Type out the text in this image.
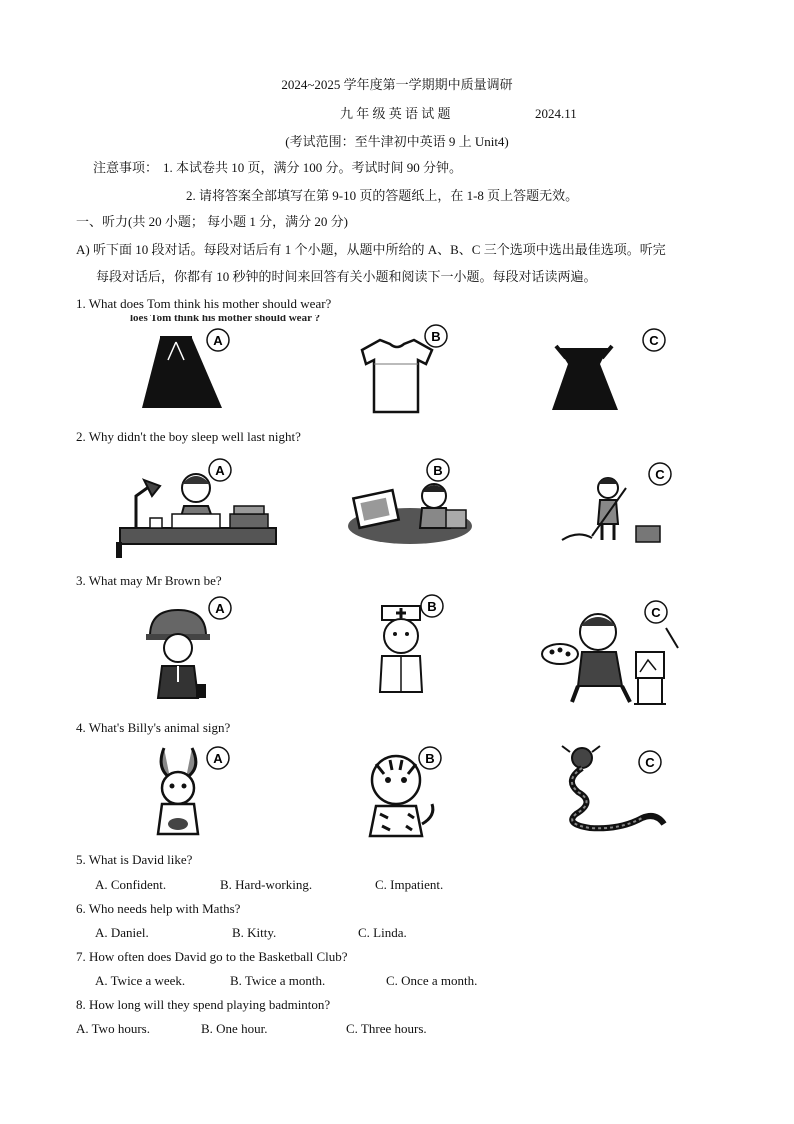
2024~2025 学年度第一学期期中质量调研
九 年 级 英 语 试 题	2024.11
(考试范围：至牛津初中英语 9 上 Unit4)
注意事项： 1. 本试卷共 10 页，满分 100 分。考试时间 90 分钟。
2. 请将答案全部填写在第 9-10 页的答题纸上，在 1-8 页上答题无效。
一、听力(共 20 小题； 每小题 1 分，满分 20 分)
A) 听下面 10 段对话。每段对话后有 1 个小题，从题中所给的 A、B、C 三个选项中选出最佳选项。听完
每段对话后，你都有 10 秒钟的时间来回答有关小题和阅读下一小题。每段对话读两遍。
1. What does Tom think his mother should wear?
loes Tom think his mother should wear ?
A	B	C
2. Why didn't the boy sleep well last night?
A	B	C
3. What may Mr Brown be?
A	B	C
4. What's Billy's animal sign?
A	B	C
5. What is David like?
A. Confident.	B. Hard-working.	C. Impatient.
6. Who needs help with Maths?
A. Daniel.	B. Kitty.	C. Linda.
7. How often does David go to the Basketball Club?
A. Twice a week.	B. Twice a month.	C. Once a month.
8. How long will they spend playing badminton?
A. Two hours.	B. One hour.	C. Three hours.
